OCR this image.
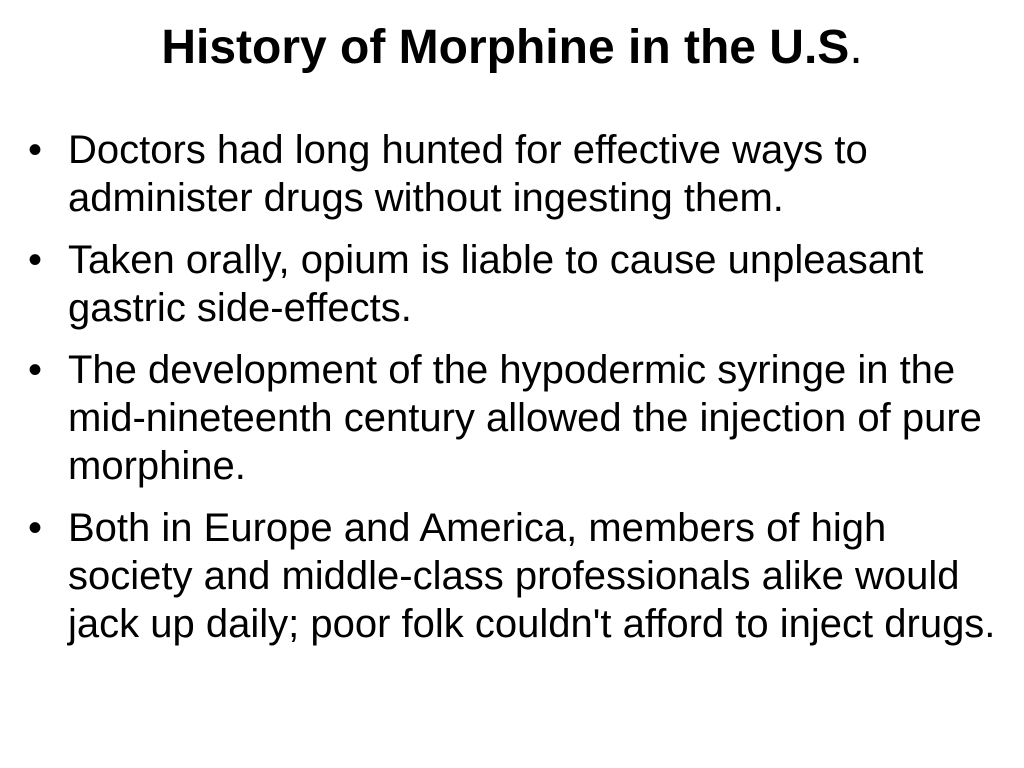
History of Morphine in the U.S.
• Doctors had long hunted for effective ways to administer drugs without ingesting them.
• Taken orally, opium is liable to cause unpleasant gastric side-effects.
• The development of the hypodermic syringe in the mid-nineteenth century allowed the injection of pure morphine.
• Both in Europe and America, members of high society and middle-class professionals alike would jack up daily; poor folk couldn't afford to inject drugs.
